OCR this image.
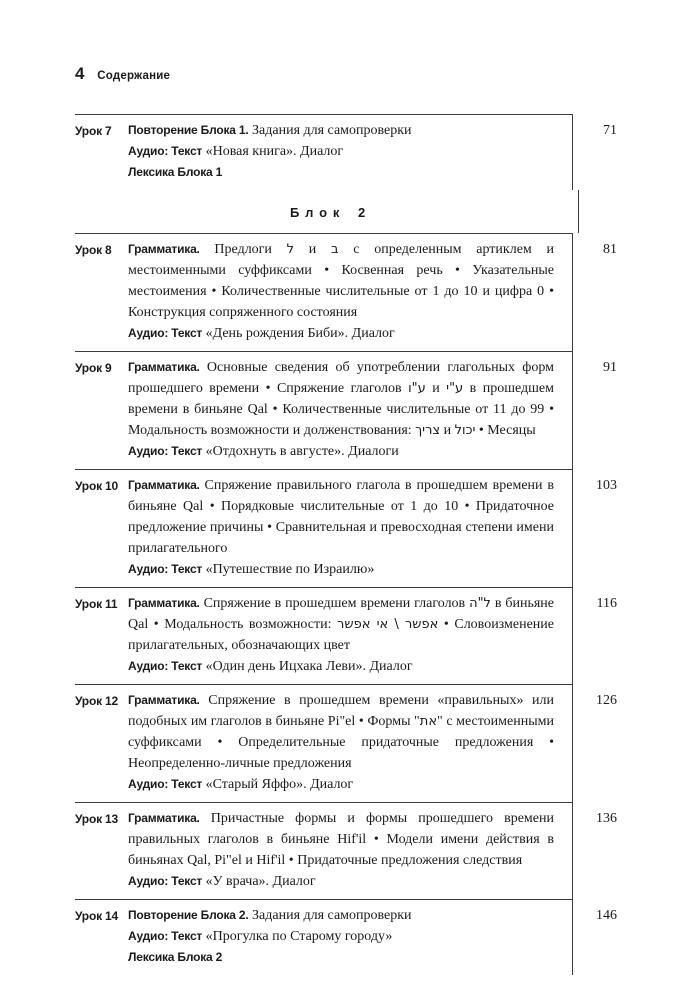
4 Содержание
Урок 7	Повторение Блока 1. Задания для самопроверки

Аудио: Текст «Новая книга». Диалог

Лексика Блока 1

71
Блок 2
Урок 8	Грамматика. Предлоги ל и ב с определенным артиклем и местоименными суффиксами • Косвенная речь • Указательные местоимения • Количественные числительные от 1 до 10 и цифра 0 • Конструкция сопряженного состояния

Аудио: Текст «День рождения Биби». Диалог

81
Урок 9	Грамматика. Основные сведения об употреблении глагольных форм прошедшего времени • Спряжение глаголов ע"ו и ע"י в прошедшем времени в биньяне Qal • Количественные числительные от 11 до 99 • Модальность возможности и долженствования: צריך и יכול • Месяцы

Аудио: Текст «Отдохнуть в августе». Диалоги

91
Урок 10 Грамматика. Спряжение правильного глагола в прошедшем времени в биньяне Qal • Порядковые числительные от 1 до 10 • Придаточное предложение причины • Сравнительная и превосходная степени имени прилагательного

Аудио: Текст «Путешествие по Израилю»

103
Урок 11 Грамматика. Спряжение в прошедшем времени глаголов ל"ה в биньяне Qal • Модальность возможности: אפשר \ אי אפשר • Словоизменение прилагательных, обозначающих цвет

Аудио: Текст «Один день Ицхака Леви». Диалог

116
Урок 12 Грамматика. Спряжение в прошедшем времени «правильных» или подобных им глаголов в биньяне Pi"el • Формы "את" с местоименными суффиксами • Определительные придаточные предложения • Неопределенно-личные предложения

Аудио: Текст «Старый Яффо». Диалог

126
Урок 13 Грамматика. Причастные формы и формы прошедшего времени правильных глаголов в биньяне Hif'il • Модели имени действия в биньянах Qal, Pi"el и Hif'il • Придаточные предложения следствия

Аудио: Текст «У врача». Диалог

136
Урок 14 Повторение Блока 2. Задания для самопроверки

Аудио: Текст «Прогулка по Старому городу»

Лексика Блока 2

146
